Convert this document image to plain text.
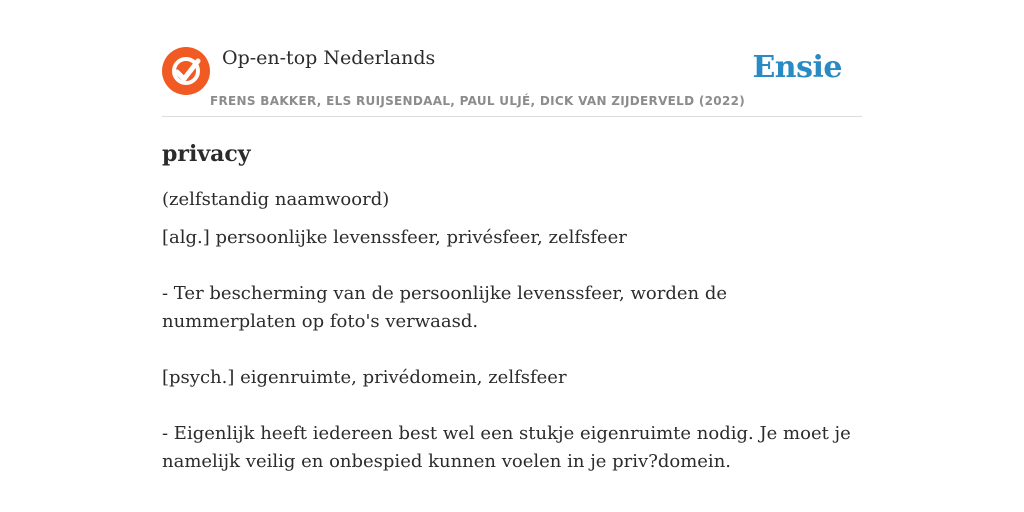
Op-en-top Nederlands
FRENS BAKKER, ELS RUIJSENDAAL, PAUL ULJÉ, DICK VAN ZIJDERVELD (2022)
Ensie
privacy

(zelfstandig naamwoord)

[alg.] persoonlijke levenssfeer, privésfeer, zelfsfeer

- Ter bescherming van de persoonlijke levenssfeer, worden de nummerplaten op foto's verwaasd.

[psych.] eigenruimte, privédomein, zelfsfeer

- Eigenlijk heeft iedereen best wel een stukje eigenruimte nodig. Je moet je namelijk veilig en onbespied kunnen voelen in je priv?domein.
